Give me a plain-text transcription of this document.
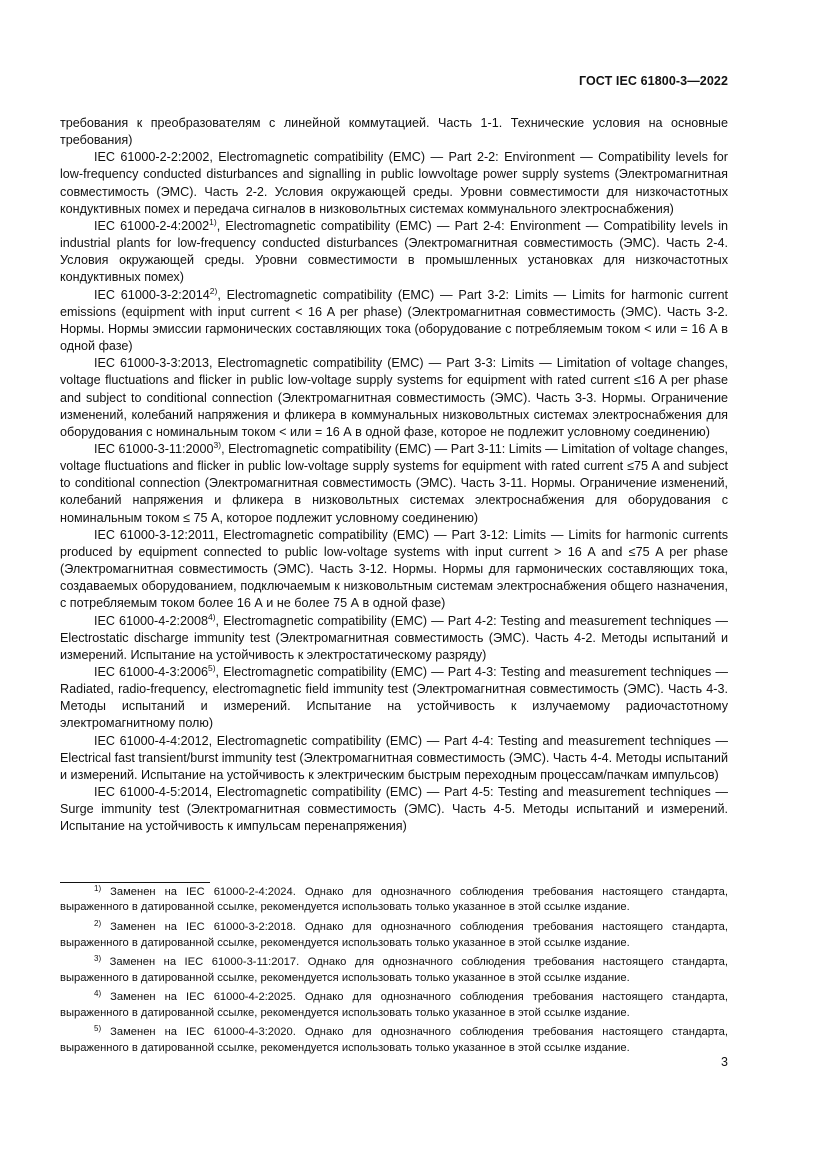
ГОСТ IEC 61800-3—2022

требования к преобразователям с линейной коммутацией. Часть 1-1. Технические условия на основные требования)

IEC 61000-2-2:2002, Electromagnetic compatibility (EMC) — Part 2-2: Environment — Compatibility levels for low-frequency conducted disturbances and signalling in public lowvoltage power supply systems (Электромагнитная совместимость (ЭМС). Часть 2-2. Условия окружающей среды. Уровни совместимости для низкочастотных кондуктивных помех и передача сигналов в низковольтных системах коммунального электроснабжения)

IEC 61000-2-4:2002$^{1)}$, Electromagnetic compatibility (EMC) — Part 2-4: Environment — Compatibility levels in industrial plants for low-frequency conducted disturbances (Электромагнитная совместимость (ЭМС). Часть 2-4. Условия окружающей среды. Уровни совместимости в промышленных установках для низкочастотных кондуктивных помех)

IEC 61000-3-2:2014$^{2)}$, Electromagnetic compatibility (EMC) — Part 3-2: Limits — Limits for harmonic current emissions (equipment with input current < 16 A per phase) (Электромагнитная совместимость (ЭМС). Часть 3-2. Нормы. Нормы эмиссии гармонических составляющих тока (оборудование с потребляемым током < или = 16 А в одной фазе)

IEC 61000-3-3:2013, Electromagnetic compatibility (EMC) — Part 3-3: Limits — Limitation of voltage changes, voltage fluctuations and flicker in public low-voltage supply systems for equipment with rated current ≤16 A per phase and subject to conditional connection (Электромагнитная совместимость (ЭМС). Часть 3-3. Нормы. Ограничение изменений, колебаний напряжения и фликера в коммунальных низковольтных системах электроснабжения для оборудования с номинальным током < или = 16 А в одной фазе, которое не подлежит условному соединению)

IEC 61000-3-11:2000$^{3)}$, Electromagnetic compatibility (EMC) — Part 3-11: Limits — Limitation of voltage changes, voltage fluctuations and flicker in public low-voltage supply systems for equipment with rated current ≤75 A and subject to conditional connection (Электромагнитная совместимость (ЭМС). Часть 3-11. Нормы. Ограничение изменений, колебаний напряжения и фликера в низковольтных системах электроснабжения для оборудования с номинальным током ≤ 75 А, которое подлежит условному соединению)

IEC 61000-3-12:2011, Electromagnetic compatibility (EMC) — Part 3-12: Limits — Limits for harmonic currents produced by equipment connected to public low-voltage systems with input current > 16 A and ≤75 A per phase (Электромагнитная совместимость (ЭМС). Часть 3-12. Нормы. Нормы для гармонических составляющих тока, создаваемых оборудованием, подключаемым к низковольтным системам электроснабжения общего назначения, с потребляемым током более 16 А и не более 75 А в одной фазе)

IEC 61000-4-2:2008$^{4)}$, Electromagnetic compatibility (EMC) — Part 4-2: Testing and measurement techniques — Electrostatic discharge immunity test (Электромагнитная совместимость (ЭМС). Часть 4-2. Методы испытаний и измерений. Испытание на устойчивость к электростатическому разряду)

IEC 61000-4-3:2006$^{5)}$, Electromagnetic compatibility (EMC) — Part 4-3: Testing and measurement techniques — Radiated, radio-frequency, electromagnetic field immunity test (Электромагнитная совместимость (ЭМС). Часть 4-3. Методы испытаний и измерений. Испытание на устойчивость к излучаемому радиочастотному электромагнитному полю)

IEC 61000-4-4:2012, Electromagnetic compatibility (EMC) — Part 4-4: Testing and measurement techniques — Electrical fast transient/burst immunity test (Электромагнитная совместимость (ЭМС). Часть 4-4. Методы испытаний и измерений. Испытание на устойчивость к электрическим быстрым переходным процессам/пачкам импульсов)

IEC 61000-4-5:2014, Electromagnetic compatibility (EMC) — Part 4-5: Testing and measurement techniques — Surge immunity test (Электромагнитная совместимость (ЭМС). Часть 4-5. Методы испытаний и измерений. Испытание на устойчивость к импульсам перенапряжения)

$^{1)}$ Заменен на IEC 61000-2-4:2024. Однако для однозначного соблюдения требования настоящего стандарта, выраженного в датированной ссылке, рекомендуется использовать только указанное в этой ссылке издание.

$^{2)}$ Заменен на IEC 61000-3-2:2018. Однако для однозначного соблюдения требования настоящего стандарта, выраженного в датированной ссылке, рекомендуется использовать только указанное в этой ссылке издание.

$^{3)}$ Заменен на IEC 61000-3-11:2017. Однако для однозначного соблюдения требования настоящего стандарта, выраженного в датированной ссылке, рекомендуется использовать только указанное в этой ссылке издание.

$^{4)}$ Заменен на IEC 61000-4-2:2025. Однако для однозначного соблюдения требования настоящего стандарта, выраженного в датированной ссылке, рекомендуется использовать только указанное в этой ссылке издание.

$^{5)}$ Заменен на IEC 61000-4-3:2020. Однако для однозначного соблюдения требования настоящего стандарта, выраженного в датированной ссылке, рекомендуется использовать только указанное в этой ссылке издание.

3
